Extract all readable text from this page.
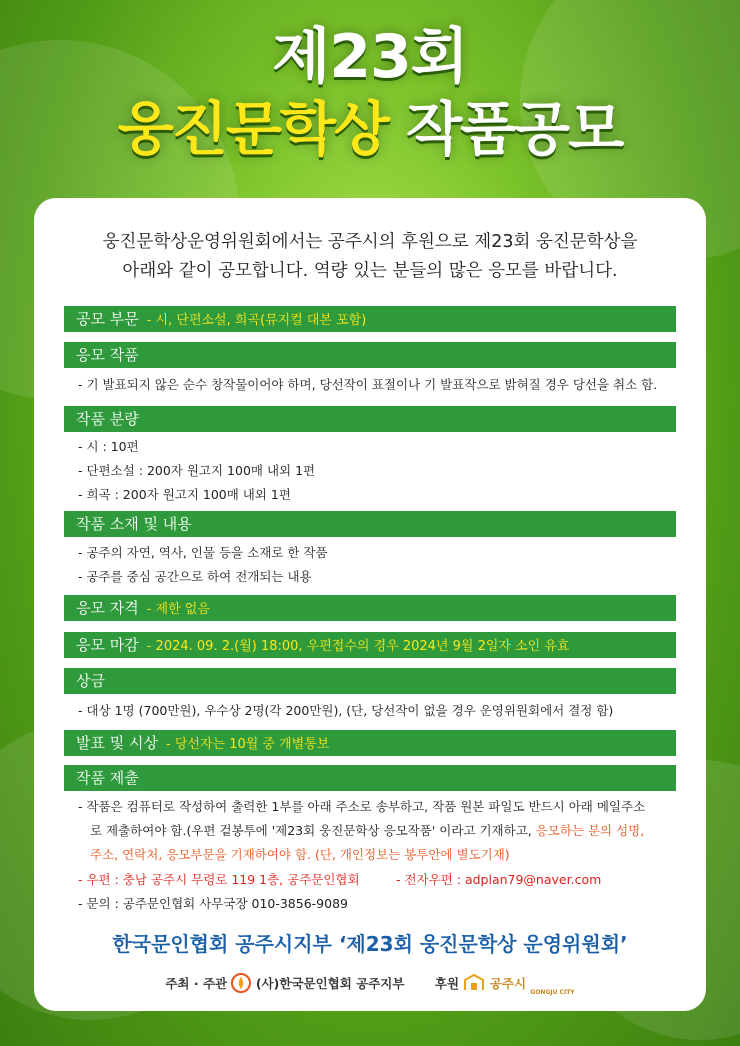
제23회
웅진문학상 작품공모
웅진문학상운영위원회에서는 공주시의 후원으로 제23회 웅진문학상을
아래와 같이 공모합니다. 역량 있는 분들의 많은 응모를 바랍니다.
공모 부문 - 시, 단편소설, 희곡(뮤지컬 대본 포함)
응모 작품
- 기 발표되지 않은 순수 창작물이어야 하며, 당선작이 표절이나 기 발표작으로 밝혀질 경우 당선을 취소 함.
작품 분량
- 시 : 10편
- 단편소설 : 200자 원고지 100매 내외 1편
- 희곡 : 200자 원고지 100매 내외 1편
작품 소재 및 내용
- 공주의 자연, 역사, 인물 등을 소재로 한 작품
- 공주를 중심 공간으로 하여 전개되는 내용
응모 자격 - 제한 없음
응모 마감 - 2024. 09. 2.(월) 18:00, 우편접수의 경우 2024년 9월 2일자 소인 유효
상금
- 대상 1명 (700만원), 우수상 2명(각 200만원), (단, 당선작이 없을 경우 운영위원회에서 결정 함)
발표 및 시상 - 당선자는 10월 중 개별통보
작품 제출
- 작품은 컴퓨터로 작성하여 출력한 1부를 아래 주소로 송부하고, 작품 원본 파일도 반드시 아래 메일주소
로 제출하여야 함.(우편 겉봉투에 '제23회 웅진문학상 응모작품' 이라고 기재하고, 응모하는 분의 성명,
주소, 연락처, 응모부문을 기재하여야 함. (단, 개인정보는 봉투안에 별도기재)
- 우편 : 충남 공주시 무령로 119 1층, 공주문인협회	- 전자우편 : adplan79@naver.com
- 문의 : 공주문인협회 사무국장 010-3856-9089
한국문인협회 공주시지부 ‘제23회 웅진문학상 운영위원회’
주최 · 주관 (사)한국문인협회 공주지부 후원 공주시 GONGJU CITY
